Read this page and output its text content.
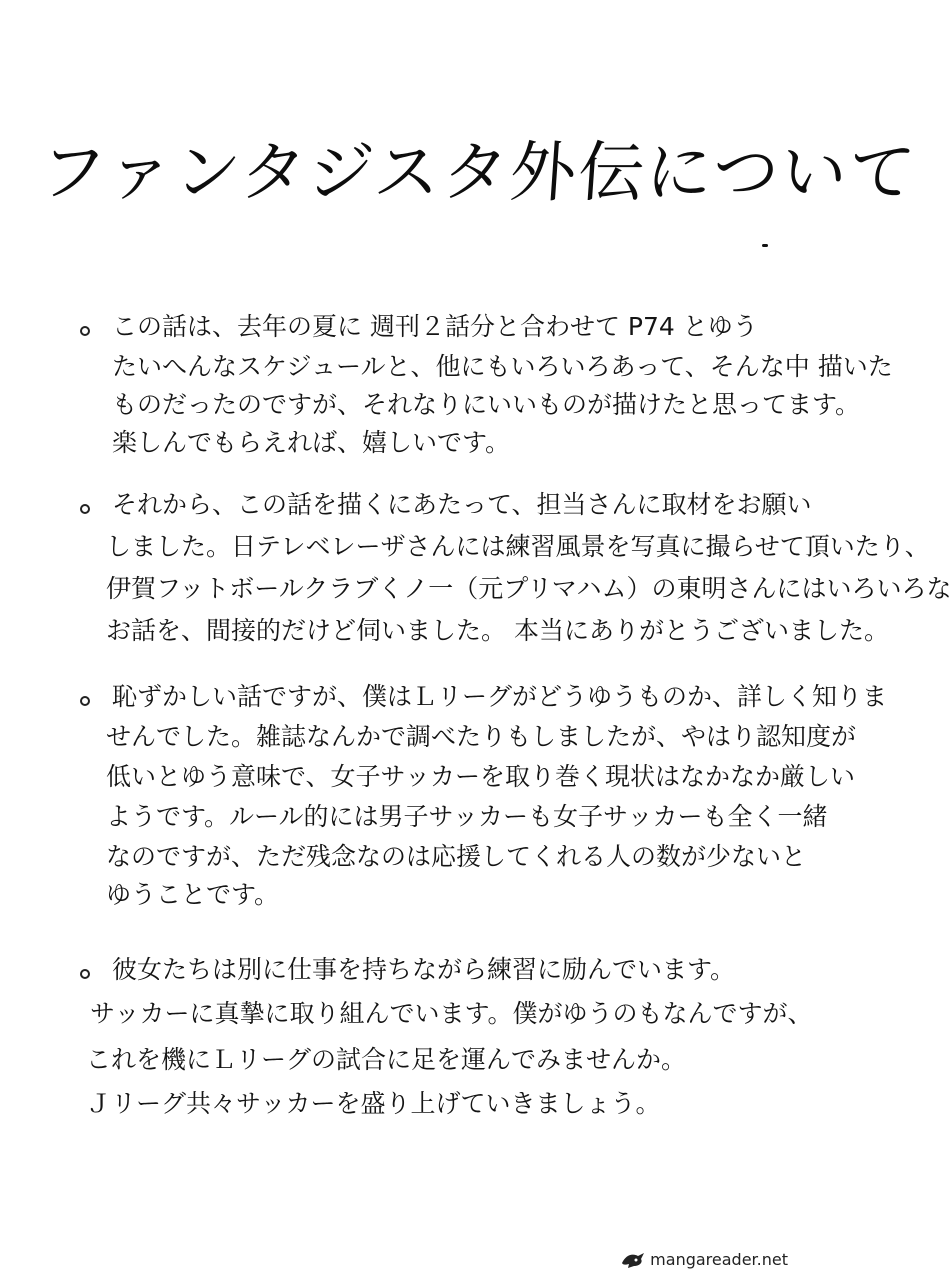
ファンタジスタ外伝について
この話は、去年の夏に 週刊２話分と合わせて P74 とゆう
たいへんなスケジュールと、他にもいろいろあって、そんな中 描いた
ものだったのですが、それなりにいいものが描けたと思ってます。
楽しんでもらえれば、嬉しいです。
それから、この話を描くにあたって、担当さんに取材をお願い
しました。日テレベレーザさんには練習風景を写真に撮らせて頂いたり、
伊賀フットボールクラブくノ一（元プリマハム）の東明さんにはいろいろな
お話を、間接的だけど伺いました。 本当にありがとうございました。
恥ずかしい話ですが、僕はＬリーグがどうゆうものか、詳しく知りま
せんでした。雑誌なんかで調べたりもしましたが、やはり認知度が
低いとゆう意味で、女子サッカーを取り巻く現状はなかなか厳しい
ようです。ルール的には男子サッカーも女子サッカーも全く一緒
なのですが、ただ残念なのは応援してくれる人の数が少ないと
ゆうことです。
彼女たちは別に仕事を持ちながら練習に励んでいます。
サッカーに真摯に取り組んでいます。僕がゆうのもなんですが、
これを機にＬリーグの試合に足を運んでみませんか。
Ｊリーグ共々サッカーを盛り上げていきましょう。
mangareader.net
